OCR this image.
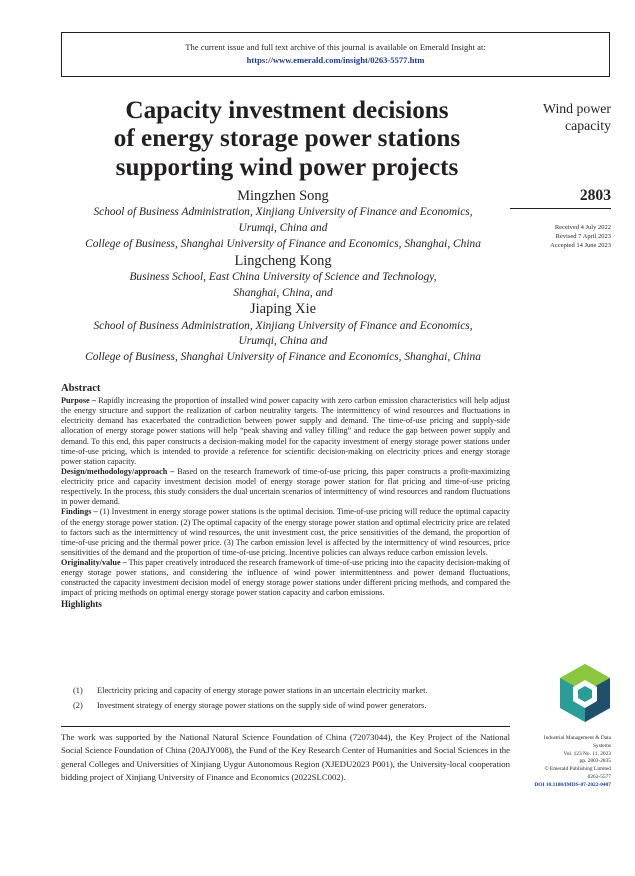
The current issue and full text archive of this journal is available on Emerald Insight at:
https://www.emerald.com/insight/0263-5577.htm
Capacity investment decisions
of energy storage power stations
supporting wind power projects
Mingzhen Song
School of Business Administration, Xinjiang University of Finance and Economics,
Urumqi, China and
College of Business, Shanghai University of Finance and Economics, Shanghai, China
Lingcheng Kong
Business School, East China University of Science and Technology,
Shanghai, China, and
Jiaping Xie
School of Business Administration, Xinjiang University of Finance and Economics,
Urumqi, China and
College of Business, Shanghai University of Finance and Economics, Shanghai, China
Wind power
capacity
2803
Received 4 July 2022
Revised 7 April 2023
Accepted 14 June 2023
Abstract

Purpose – Rapidly increasing the proportion of installed wind power capacity with zero carbon emission characteristics will help adjust the energy structure and support the realization of carbon neutrality targets. The intermittency of wind resources and fluctuations in electricity demand has exacerbated the contradiction between power supply and demand. The time-of-use pricing and supply-side allocation of energy storage power stations will help “peak shaving and valley filling” and reduce the gap between power supply and demand. To this end, this paper constructs a decision-making model for the capacity investment of energy storage power stations under time-of-use pricing, which is intended to provide a reference for scientific decision-making on electricity prices and energy storage power station capacity.

Design/methodology/approach – Based on the research framework of time-of-use pricing, this paper constructs a profit-maximizing electricity price and capacity investment decision model of energy storage power station for flat pricing and time-of-use pricing respectively. In the process, this study considers the dual uncertain scenarios of intermittency of wind resources and random fluctuations in power demand.

Findings – (1) Investment in energy storage power stations is the optimal decision. Time-of-use pricing will reduce the optimal capacity of the energy storage power station. (2) The optimal capacity of the energy storage power station and optimal electricity price are related to factors such as the intermittency of wind resources, the unit investment cost, the price sensitivities of the demand, the proportion of time-of-use pricing and the thermal power price. (3) The carbon emission level is affected by the intermittency of wind resources, price sensitivities of the demand and the proportion of time-of-use pricing. Incentive policies can always reduce carbon emission levels.

Originality/value – This paper creatively introduced the research framework of time-of-use pricing into the capacity decision-making of energy storage power stations, and considering the influence of wind power intermittentness and power demand fluctuations, constructed the capacity investment decision model of energy storage power stations under different pricing methods, and compared the impact of pricing methods on optimal energy storage power station capacity and carbon emissions.

Highlights
(1)	Electricity pricing and capacity of energy storage power stations in an uncertain electricity market.
(2)	Investment strategy of energy storage power stations on the supply side of wind power generators.
The work was supported by the National Natural Science Foundation of China (72073044), the Key Project of the National Social Science Foundation of China (20AJY008), the Fund of the Key Research Center of Humanities and Social Sciences in the general Colleges and Universities of Xinjiang Uygur Autonomous Region (XJEDU2023 P001), the University-local cooperation bidding project of Xinjiang University of Finance and Economics (2022SLC002).
Industrial Management & Data
Systems
Vol. 123 No. 11, 2023
pp. 2803-2835
© Emerald Publishing Limited
0263-5577
DOI 10.1108/IMDS-07-2022-0407
